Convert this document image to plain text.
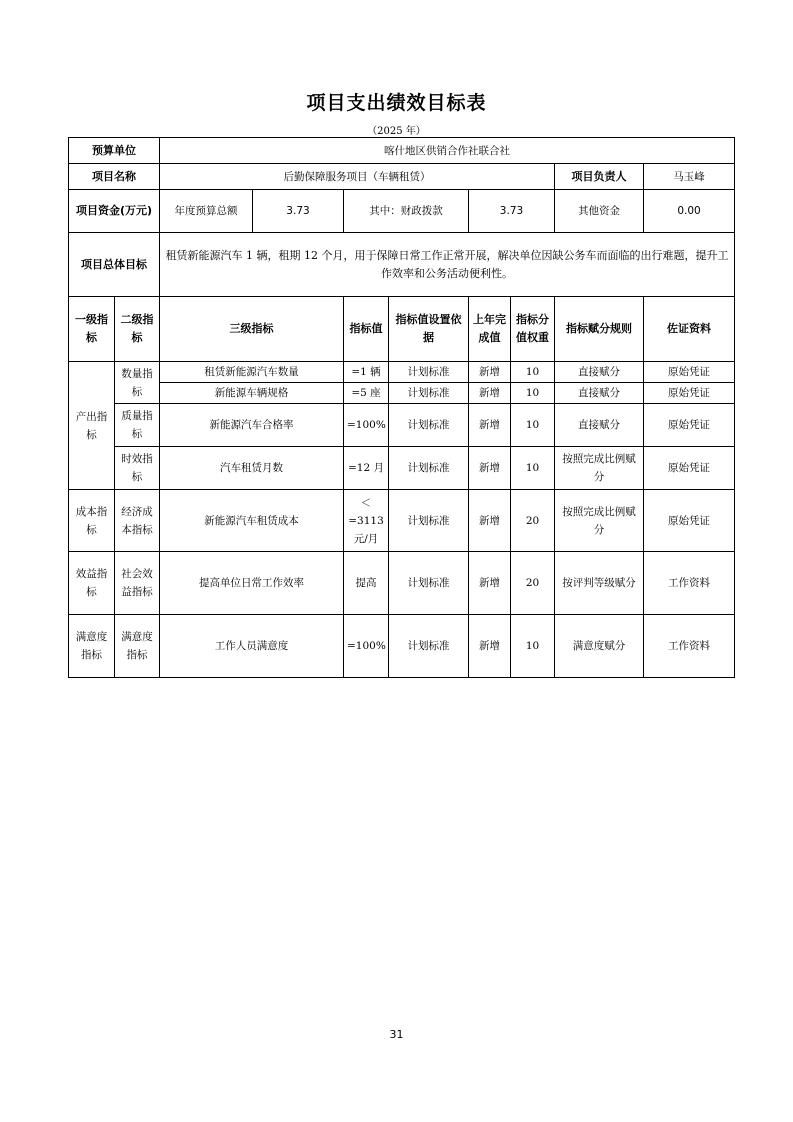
项目支出绩效目标表
（2025 年）
预算单位		喀什地区供销合作社联合社							
项目名称		后勤保障服务项目（车辆租赁）						项目负责人	马玉峰
项目资金(万元)		年度预算总额	3.73	其中：财政拨款		3.73		其他资金	0.00
项目总体目标		租赁新能源汽车 1 辆，租期 12 个月，用于保障日常工作正常开展，解决单位因缺公务车而面临的出行难题，提升工作效率和公务活动便利性。							
一级指标	二级指标	三级指标		指标值	指标值设置依据	上年完成值	指标分值权重	指标赋分规则	佐证资料
产出指标	数量指标	租赁新能源汽车数量		=1 辆	计划标准	新增	10	直接赋分	原始凭证
		新能源车辆规格		=5 座	计划标准	新增	10	直接赋分	原始凭证
	质量指标	新能源汽车合格率		=100%	计划标准	新增	10	直接赋分	原始凭证
	时效指标	汽车租赁月数		=12 月	计划标准	新增	10	按照完成比例赋分	原始凭证
成本指标	经济成本指标	新能源汽车租赁成本		＜=3113元/月	计划标准	新增	20	按照完成比例赋分	原始凭证
效益指标	社会效益指标	提高单位日常工作效率		提高	计划标准	新增	20	按评判等级赋分	工作资料
满意度指标	满意度指标	工作人员满意度		=100%	计划标准	新增	10	满意度赋分	工作资料
31
